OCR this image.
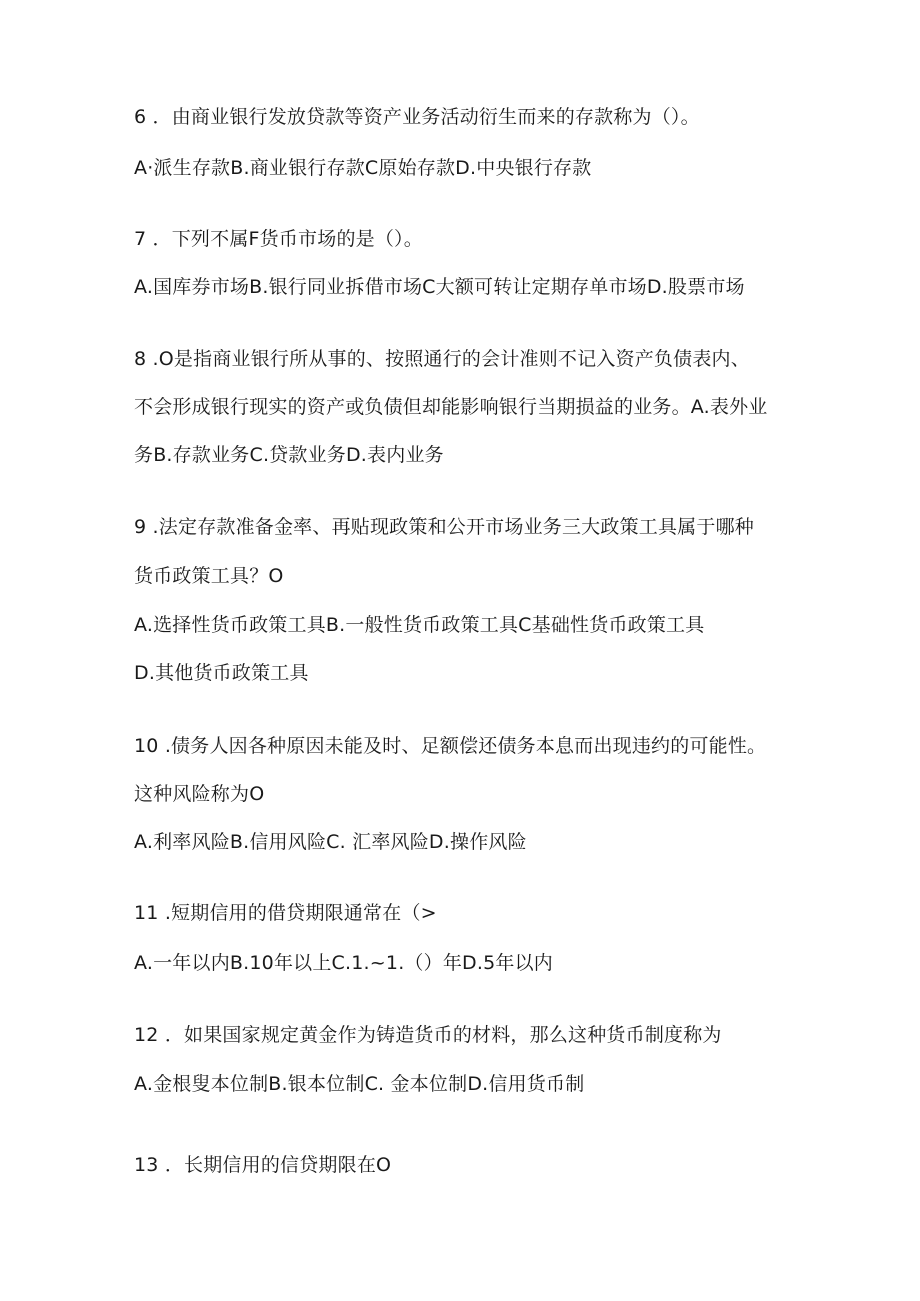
6 ．由商业银行发放贷款等资产业务活动衍生而来的存款称为（）。
A·派生存款B.商业银行存款C原始存款D.中央银行存款
7 ．下列不属F货币市场的是（）。
A.国库券市场B.银行同业拆借市场C大额可转让定期存单市场D.股票市场
8 .O是指商业银行所从事的、按照通行的会计准则不记入资产负债表内、
不会形成银行现实的资产或负债但却能影响银行当期损益的业务。A.表外业
务B.存款业务C.贷款业务D.表内业务
9 .法定存款准备金率、再贴现政策和公开市场业务三大政策工具属于哪种
货币政策工具？O
A.选择性货币政策工具B.一般性货币政策工具C基础性货币政策工具
D.其他货币政策工具
10 .债务人因各种原因未能及时、足额偿还债务本息而出现违约的可能性。
这种风险称为O
A.利率风险B.信用风险C. 汇率风险D.操作风险
11 .短期信用的借贷期限通常在（>
A.一年以内B.10年以上C.1.~1.（）年D.5年以内
12 ．如果国家规定黄金作为铸造货币的材料，那么这种货币制度称为
A.金根叟本位制B.银本位制C. 金本位制D.信用货币制
13 ．长期信用的信贷期限在O
